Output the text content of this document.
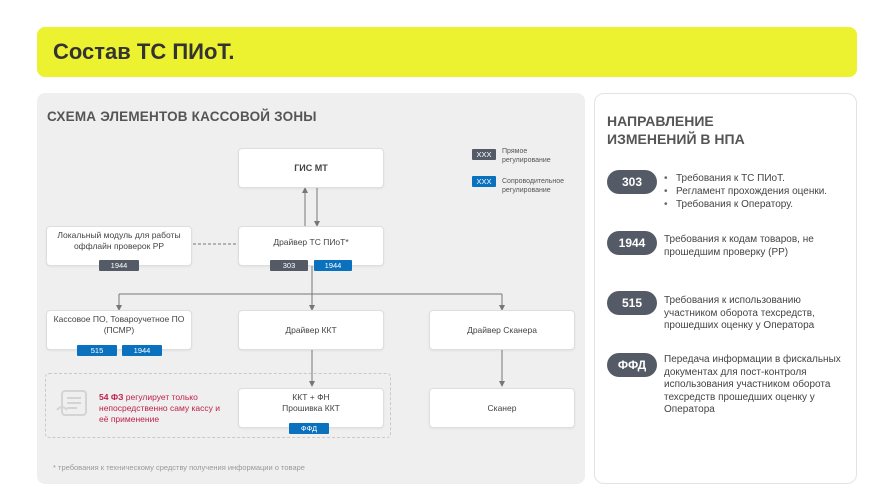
Состав ТС ПИоТ.
СХЕМА ЭЛЕМЕНТОВ КАССОВОЙ ЗОНЫ
XXX	Прямое регулирование
XXX	Сопроводительное регулирование
ГИС МТ
Драйвер ТС ПИоТ*
303	1944
Локальный модуль для работы оффлайн проверок РР
1944
Кассовое ПО, Товароучетное ПО (ПСМР)
515	1944
Драйвер ККТ	Драйвер Сканера
54 ФЗ регулирует только непосредственно саму кассу и её применение
ККТ + ФН
Прошивка ККТ
ФФД
Сканер
* требования к техническому средству получения информации о товаре
НАПРАВЛЕНИЕ ИЗМЕНЕНИЙ В НПА
303
•	Требования к ТС ПИоТ.
• Регламент прохождения оценки.
• Требования к Оператору.
1944	Требования к кодам товаров, не прошедшим проверку (РР)
515	Требования к использованию участником оборота техсредств, прошедших оценку у Оператора
ФФД	Передача информации в фискальных документах для пост-контроля использования участником оборота техсредств прошедших оценку у Оператора
